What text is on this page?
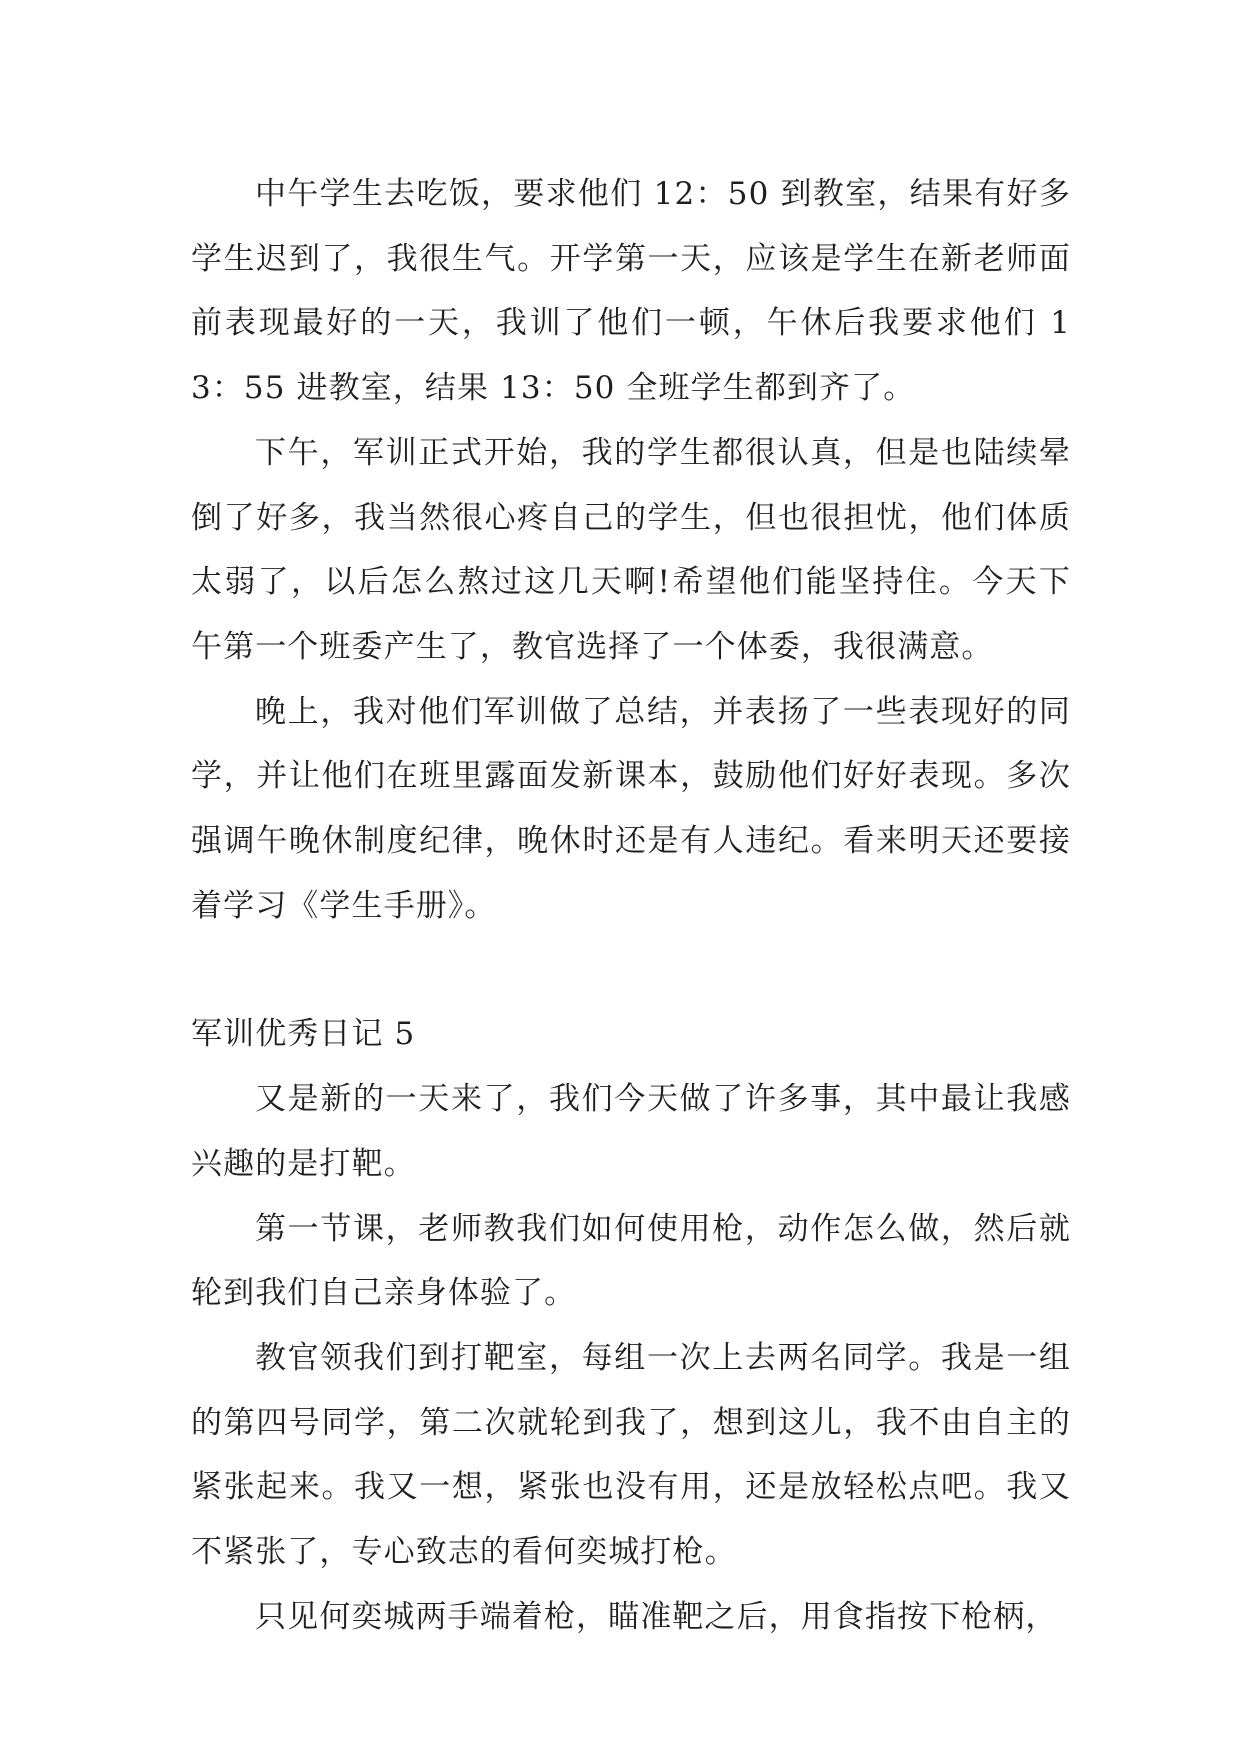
中午学生去吃饭，要求他们 12：50 到教室，结果有好多学生迟到了，我很生气。开学第一天，应该是学生在新老师面前表现最好的一天，我训了他们一顿，午休后我要求他们 13：55 进教室，结果 13：50 全班学生都到齐了。

下午，军训正式开始，我的学生都很认真，但是也陆续晕倒了好多，我当然很心疼自己的学生，但也很担忧，他们体质太弱了，以后怎么熬过这几天啊!希望他们能坚持住。今天下午第一个班委产生了，教官选择了一个体委，我很满意。

晚上，我对他们军训做了总结，并表扬了一些表现好的同学，并让他们在班里露面发新课本，鼓励他们好好表现。多次强调午晚休制度纪律，晚休时还是有人违纪。看来明天还要接着学习《学生手册》。

军训优秀日记 5

又是新的一天来了，我们今天做了许多事，其中最让我感兴趣的是打靶。

第一节课，老师教我们如何使用枪，动作怎么做，然后就轮到我们自己亲身体验了。

教官领我们到打靶室，每组一次上去两名同学。我是一组的第四号同学，第二次就轮到我了，想到这儿，我不由自主的紧张起来。我又一想，紧张也没有用，还是放轻松点吧。我又不紧张了，专心致志的看何奕城打枪。

只见何奕城两手端着枪，瞄准靶之后，用食指按下枪柄，
